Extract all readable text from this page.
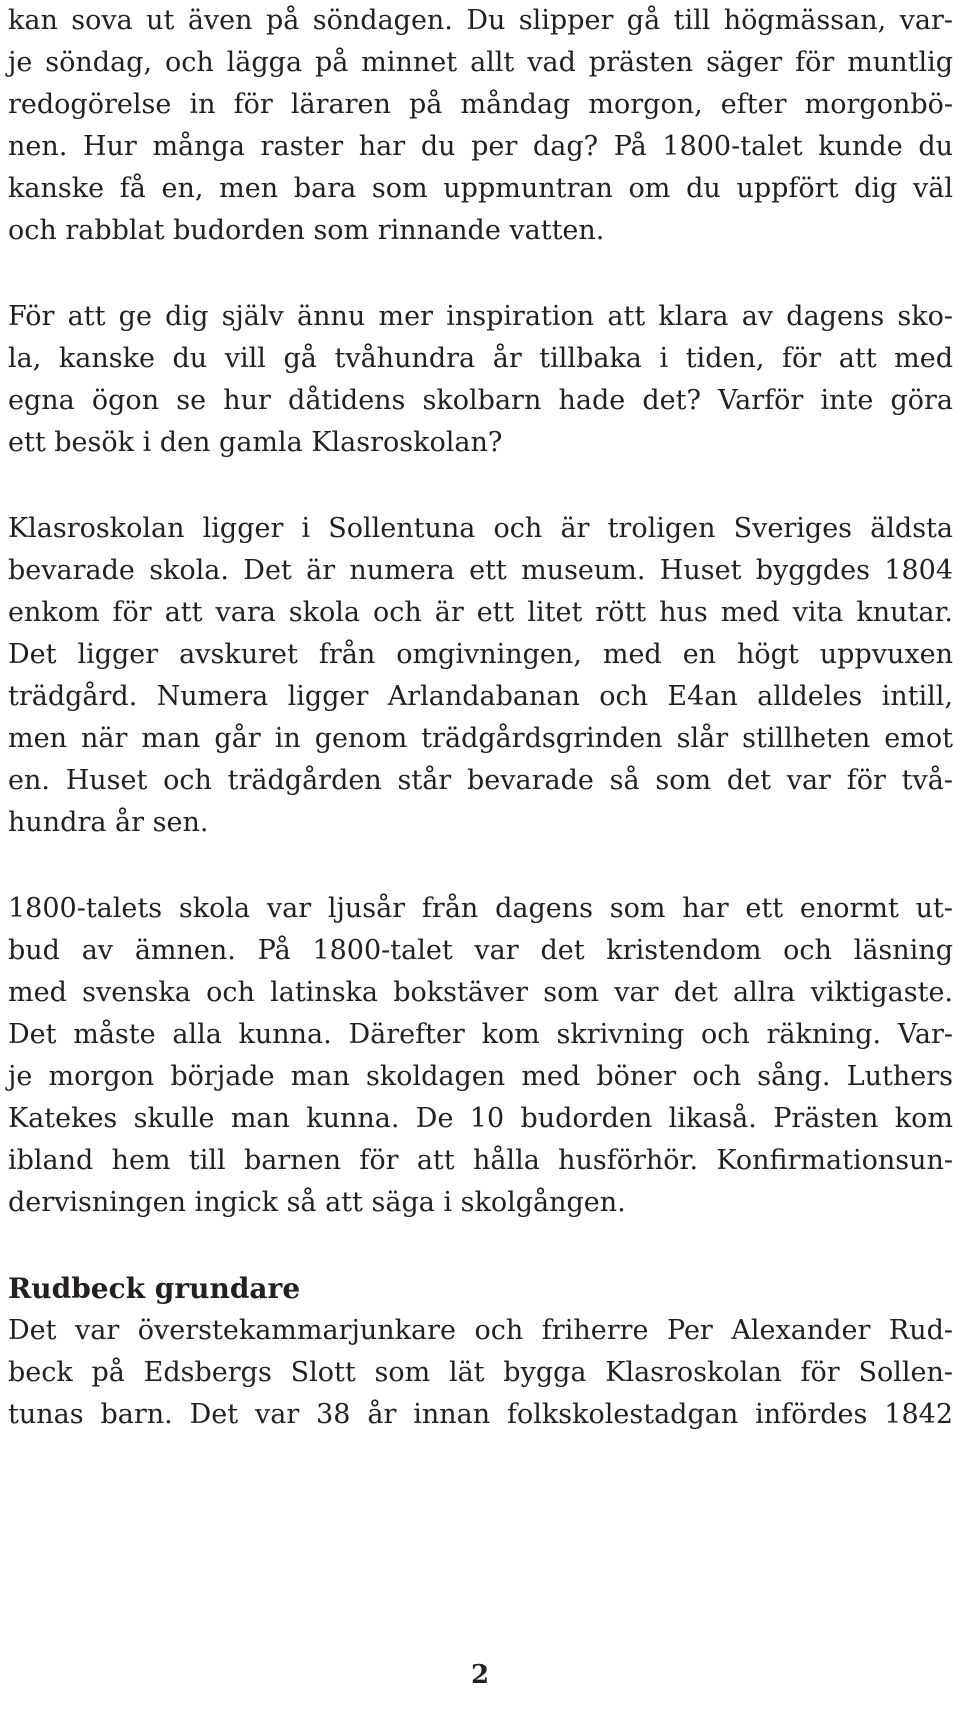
kan sova ut även på söndagen. Du slipper gå till högmässan, var-
je söndag, och lägga på minnet allt vad prästen säger för muntlig
redogörelse in för läraren på måndag morgon, efter morgonbö-
nen. Hur många raster har du per dag? På 1800-talet kunde du
kanske få en, men bara som uppmuntran om du uppfört dig väl
och rabblat budorden som rinnande vatten.
För att ge dig själv ännu mer inspiration att klara av dagens sko-
la, kanske du vill gå tvåhundra år tillbaka i tiden, för att med
egna ögon se hur dåtidens skolbarn hade det? Varför inte göra
ett besök i den gamla Klasroskolan?
Klasroskolan ligger i Sollentuna och är troligen Sveriges äldsta
bevarade skola. Det är numera ett museum. Huset byggdes 1804
enkom för att vara skola och är ett litet rött hus med vita knutar.
Det ligger avskuret från omgivningen, med en högt uppvuxen
trädgård. Numera ligger Arlandabanan och E4an alldeles intill,
men när man går in genom trädgårdsgrinden slår stillheten emot
en. Huset och trädgården står bevarade så som det var för två-
hundra år sen.
1800-talets skola var ljusår från dagens som har ett enormt ut-
bud av ämnen. På 1800-talet var det kristendom och läsning
med svenska och latinska bokstäver som var det allra viktigaste.
Det måste alla kunna. Därefter kom skrivning och räkning. Var-
je morgon började man skoldagen med böner och sång. Luthers
Katekes skulle man kunna. De 10 budorden likaså. Prästen kom
ibland hem till barnen för att hålla husförhör. Konfirmationsun-
dervisningen ingick så att säga i skolgången.
Rudbeck grundare
Det var överstekammarjunkare och friherre Per Alexander Rud-
beck på Edsbergs Slott som lät bygga Klasroskolan för Sollen-
tunas barn. Det var 38 år innan folkskolestadgan infördes 1842
2
